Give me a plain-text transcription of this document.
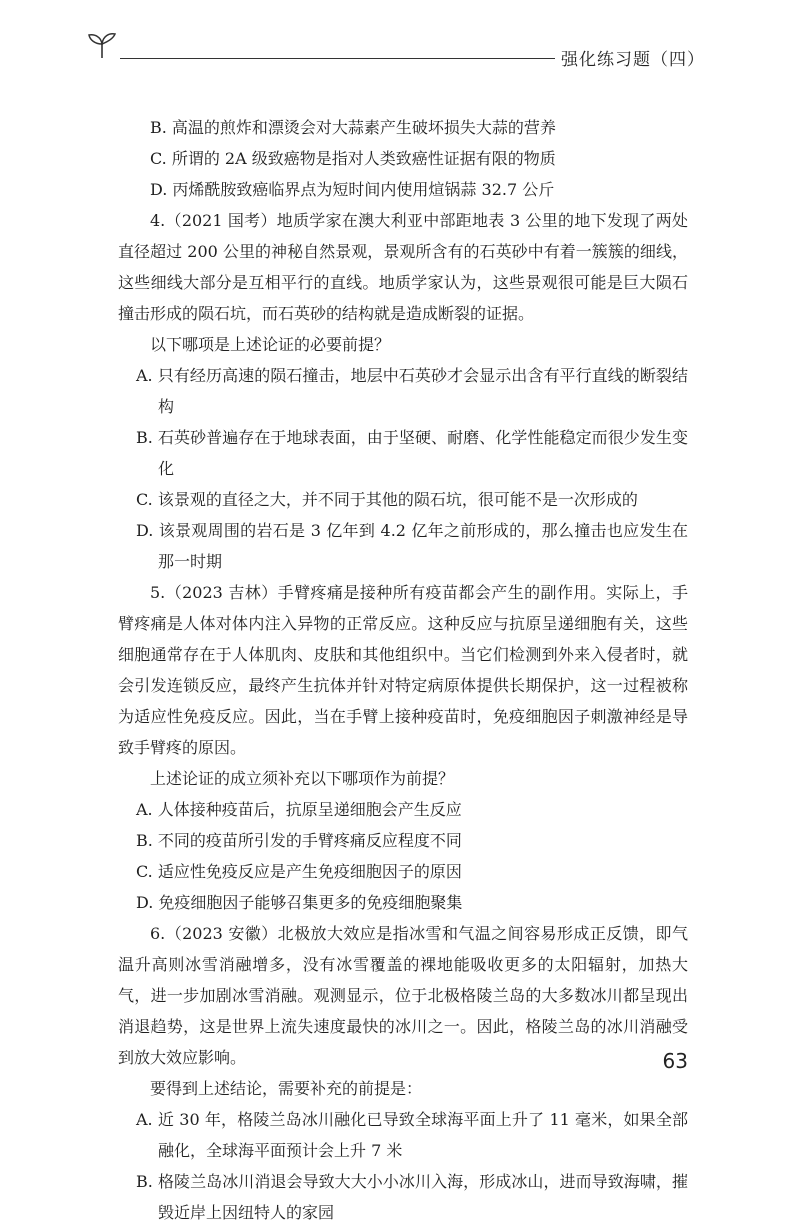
强化练习题（四）

B. 高温的煎炸和漂烫会对大蒜素产生破坏损失大蒜的营养

C. 所谓的 2A 级致癌物是指对人类致癌性证据有限的物质

D. 丙烯酰胺致癌临界点为短时间内使用煊锅蒜 32.7 公斤

4.（2021 国考）地质学家在澳大利亚中部距地表 3 公里的地下发现了两处直径超过 200 公里的神秘自然景观，景观所含有的石英砂中有着一簇簇的细线，这些细线大部分是互相平行的直线。地质学家认为，这些景观很可能是巨大陨石撞击形成的陨石坑，而石英砂的结构就是造成断裂的证据。

以下哪项是上述论证的必要前提？

A. 只有经历高速的陨石撞击，地层中石英砂才会显示出含有平行直线的断裂结构

B. 石英砂普遍存在于地球表面，由于坚硬、耐磨、化学性能稳定而很少发生变化

C. 该景观的直径之大，并不同于其他的陨石坑，很可能不是一次形成的

D. 该景观周围的岩石是 3 亿年到 4.2 亿年之前形成的，那么撞击也应发生在那一时期

5.（2023 吉林）手臂疼痛是接种所有疫苗都会产生的副作用。实际上，手臂疼痛是人体对体内注入异物的正常反应。这种反应与抗原呈递细胞有关，这些细胞通常存在于人体肌肉、皮肤和其他组织中。当它们检测到外来入侵者时，就会引发连锁反应，最终产生抗体并针对特定病原体提供长期保护，这一过程被称为适应性免疫反应。因此，当在手臂上接种疫苗时，免疫细胞因子刺激神经是导致手臂疼的原因。

上述论证的成立须补充以下哪项作为前提？

A. 人体接种疫苗后，抗原呈递细胞会产生反应

B. 不同的疫苗所引发的手臂疼痛反应程度不同

C. 适应性免疫反应是产生免疫细胞因子的原因

D. 免疫细胞因子能够召集更多的免疫细胞聚集

6.（2023 安徽）北极放大效应是指冰雪和气温之间容易形成正反馈，即气温升高则冰雪消融增多，没有冰雪覆盖的裸地能吸收更多的太阳辐射，加热大气，进一步加剧冰雪消融。观测显示，位于北极格陵兰岛的大多数冰川都呈现出消退趋势，这是世界上流失速度最快的冰川之一。因此，格陵兰岛的冰川消融受到放大效应影响。

要得到上述结论，需要补充的前提是：

A. 近 30 年，格陵兰岛冰川融化已导致全球海平面上升了 11 毫米，如果全部融化，全球海平面预计会上升 7 米

B. 格陵兰岛冰川消退会导致大大小小冰川入海，形成冰山，进而导致海啸，摧毁近岸上因纽特人的家园

63
